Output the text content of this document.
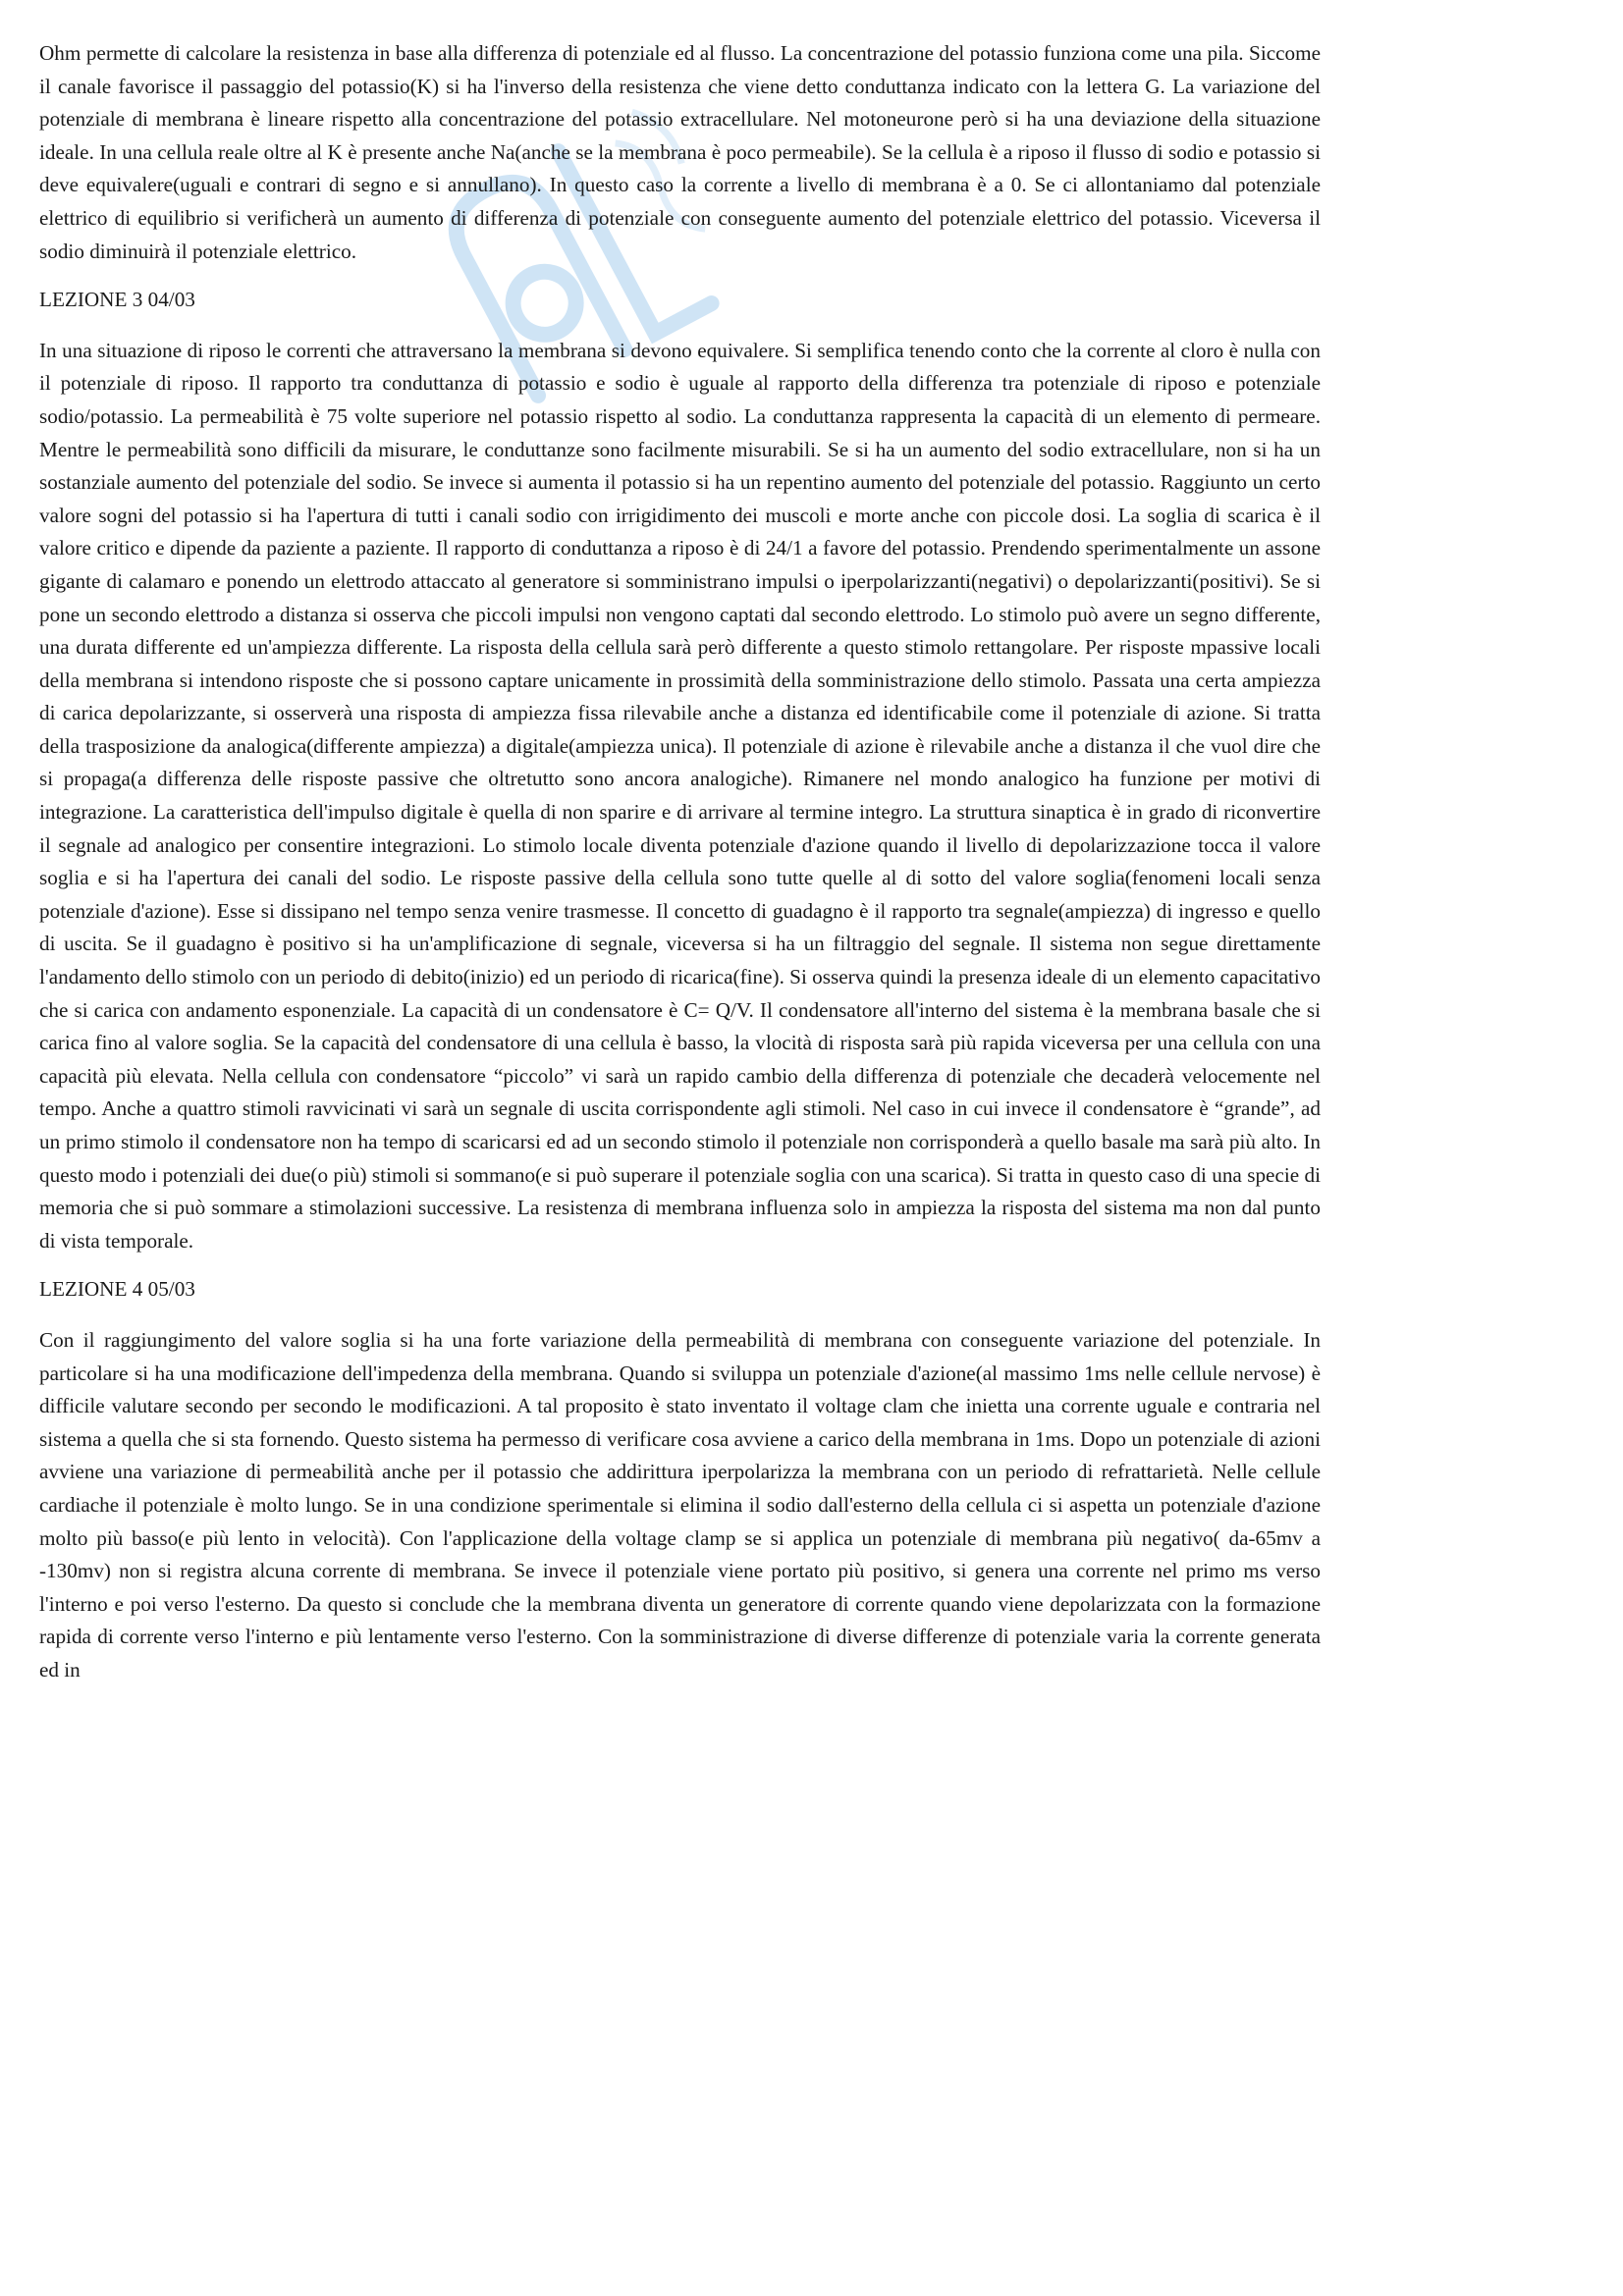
Ohm permette di calcolare la resistenza in base alla differenza di potenziale ed al flusso. La concentrazione del potassio funziona come una pila. Siccome il canale favorisce il passaggio del potassio(K) si ha l'inverso della resistenza che viene detto conduttanza indicato con la lettera G. La variazione del potenziale di membrana è lineare rispetto alla concentrazione del potassio extracellulare. Nel motoneurone però si ha una deviazione della situazione ideale. In una cellula reale oltre al K è presente anche Na(anche se la membrana è poco permeabile). Se la cellula è a riposo il flusso di sodio e potassio si deve equivalere(uguali e contrari di segno e si annullano). In questo caso la corrente a livello di membrana è a 0. Se ci allontaniamo dal potenziale elettrico di equilibrio si verificherà un aumento di differenza di potenziale con conseguente aumento del potenziale elettrico del potassio. Viceversa il sodio diminuirà il potenziale elettrico.

LEZIONE 3 04/03

In una situazione di riposo le correnti che attraversano la membrana si devono equivalere. Si semplifica tenendo conto che la corrente al cloro è nulla con il potenziale di riposo. Il rapporto tra conduttanza di potassio e sodio è uguale al rapporto della differenza tra potenziale di riposo e potenziale sodio/potassio. La permeabilità è 75 volte superiore nel potassio rispetto al sodio. La conduttanza rappresenta la capacità di un elemento di permeare. Mentre le permeabilità sono difficili da misurare, le conduttanze sono facilmente misurabili. Se si ha un aumento del sodio extracellulare, non si ha un sostanziale aumento del potenziale del sodio. Se invece si aumenta il potassio si ha un repentino aumento del potenziale del potassio. Raggiunto un certo valore sogni del potassio si ha l'apertura di tutti i canali sodio con irrigidimento dei muscoli e morte anche con piccole dosi. La soglia di scarica è il valore critico e dipende da paziente a paziente. Il rapporto di conduttanza a riposo è di 24/1 a favore del potassio. Prendendo sperimentalmente un assone gigante di calamaro e ponendo un elettrodo attaccato al generatore si somministrano impulsi o iperpolarizzanti(negativi) o depolarizzanti(positivi). Se si pone un secondo elettrodo a distanza si osserva che piccoli impulsi non vengono captati dal secondo elettrodo. Lo stimolo può avere un segno differente, una durata differente ed un'ampiezza differente. La risposta della cellula sarà però differente a questo stimolo rettangolare. Per risposte mpassive locali della membrana si intendono risposte che si possono captare unicamente in prossimità della somministrazione dello stimolo. Passata una certa ampiezza di carica depolarizzante, si osserverà una risposta di ampiezza fissa rilevabile anche a distanza ed identificabile come il potenziale di azione. Si tratta della trasposizione da analogica(differente ampiezza) a digitale(ampiezza unica). Il potenziale di azione è rilevabile anche a distanza il che vuol dire che si propaga(a differenza delle risposte passive che oltretutto sono ancora analogiche). Rimanere nel mondo analogico ha funzione per motivi di integrazione. La caratteristica dell'impulso digitale è quella di non sparire e di arrivare al termine integro. La struttura sinaptica è in grado di riconvertire il segnale ad analogico per consentire integrazioni. Lo stimolo locale diventa potenziale d'azione quando il livello di depolarizzazione tocca il valore soglia e si ha l'apertura dei canali del sodio. Le risposte passive della cellula sono tutte quelle al di sotto del valore soglia(fenomeni locali senza potenziale d'azione). Esse si dissipano nel tempo senza venire trasmesse. Il concetto di guadagno è il rapporto tra segnale(ampiezza) di ingresso e quello di uscita. Se il guadagno è positivo si ha un'amplificazione di segnale, viceversa si ha un filtraggio del segnale. Il sistema non segue direttamente l'andamento dello stimolo con un periodo di debito(inizio) ed un periodo di ricarica(fine). Si osserva quindi la presenza ideale di un elemento capacitativo che si carica con andamento esponenziale. La capacità di un condensatore è C= Q/V. Il condensatore all'interno del sistema è la membrana basale che si carica fino al valore soglia. Se la capacità del condensatore di una cellula è basso, la vlocità di risposta sarà più rapida viceversa per una cellula con una capacità più elevata. Nella cellula con condensatore “piccolo” vi sarà un rapido cambio della differenza di potenziale che decaderà velocemente nel tempo. Anche a quattro stimoli ravvicinati vi sarà un segnale di uscita corrispondente agli stimoli. Nel caso in cui invece il condensatore è “grande”, ad un primo stimolo il condensatore non ha tempo di scaricarsi ed ad un secondo stimolo il potenziale non corrisponderà a quello basale ma sarà più alto. In questo modo i potenziali dei due(o più) stimoli si sommano(e si può superare il potenziale soglia con una scarica). Si tratta in questo caso di una specie di memoria che si può sommare a stimolazioni successive. La resistenza di membrana influenza solo in ampiezza la risposta del sistema ma non dal punto di vista temporale.

LEZIONE 4 05/03

Con il raggiungimento del valore soglia si ha una forte variazione della permeabilità di membrana con conseguente variazione del potenziale. In particolare si ha una modificazione dell'impedenza della membrana. Quando si sviluppa un potenziale d'azione(al massimo 1ms nelle cellule nervose) è difficile valutare secondo per secondo le modificazioni. A tal proposito è stato inventato il voltage clam che inietta una corrente uguale e contraria nel sistema a quella che si sta fornendo. Questo sistema ha permesso di verificare cosa avviene a carico della membrana in 1ms. Dopo un potenziale di azioni avviene una variazione di permeabilità anche per il potassio che addirittura iperpolarizza la membrana con un periodo di refrattarietà. Nelle cellule cardiache il potenziale è molto lungo. Se in una condizione sperimentale si elimina il sodio dall'esterno della cellula ci si aspetta un potenziale d'azione molto più basso(e più lento in velocità). Con l'applicazione della voltage clamp se si applica un potenziale di membrana più negativo( da-65mv a -130mv) non si registra alcuna corrente di membrana. Se invece il potenziale viene portato più positivo, si genera una corrente nel primo ms verso l'interno e poi verso l'esterno. Da questo si conclude che la membrana diventa un generatore di corrente quando viene depolarizzata con la formazione rapida di corrente verso l'interno e più lentamente verso l'esterno. Con la somministrazione di diverse differenze di potenziale varia la corrente generata ed in
